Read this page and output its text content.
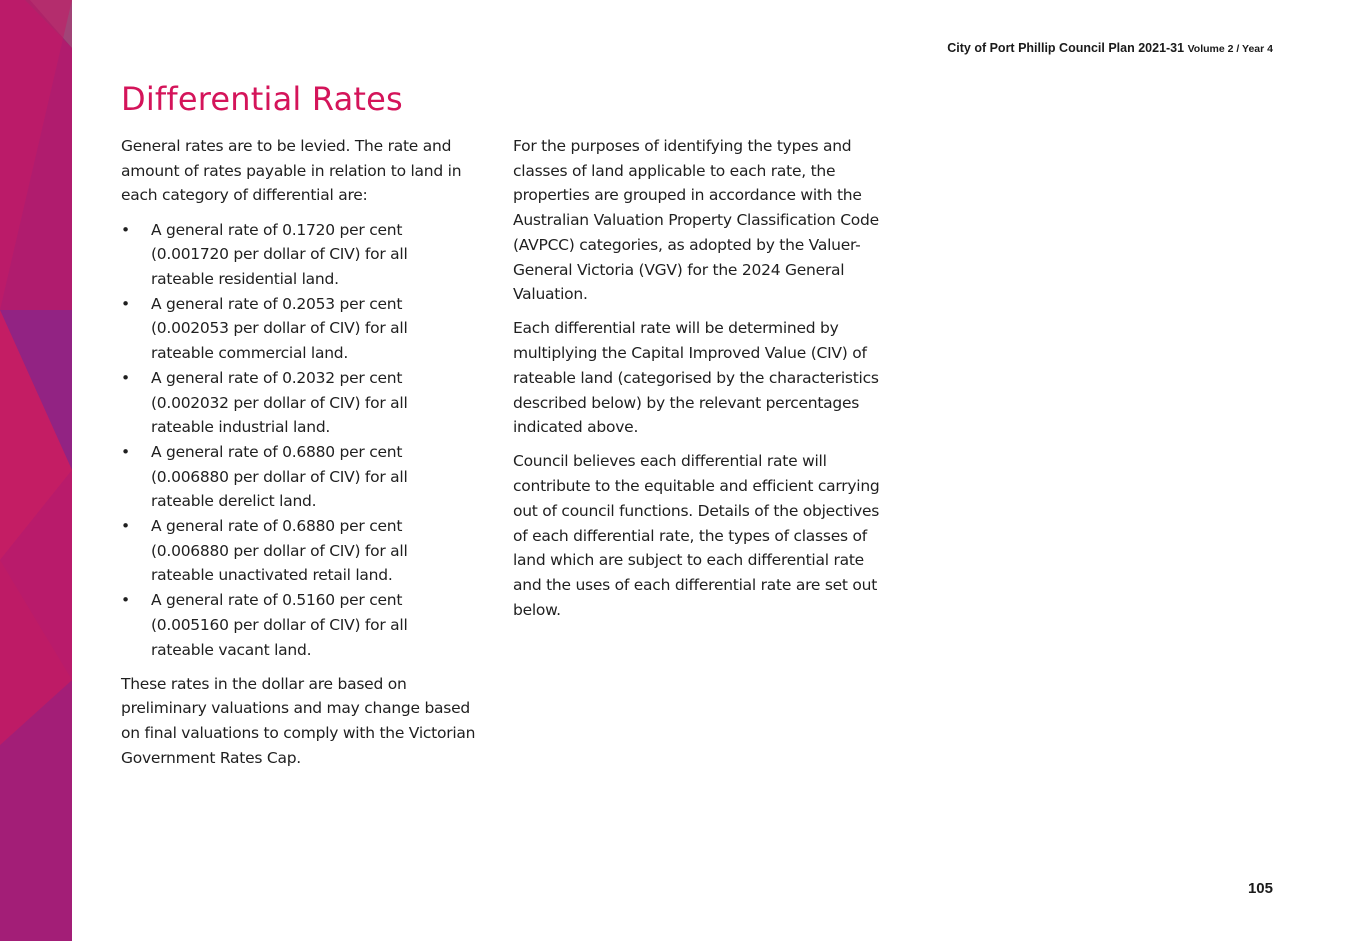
City of Port Phillip Council Plan 2021-31 Volume 2 / Year 4
Differential Rates

General rates are to be levied. The rate and amount of rates payable in relation to land in each category of differential are:

• A general rate of 0.1720 per cent (0.001720 per dollar of CIV) for all rateable residential land.
• A general rate of 0.2053 per cent (0.002053 per dollar of CIV) for all rateable commercial land.
• A general rate of 0.2032 per cent (0.002032 per dollar of CIV) for all rateable industrial land.
• A general rate of 0.6880 per cent (0.006880 per dollar of CIV) for all rateable derelict land.
• A general rate of 0.6880 per cent (0.006880 per dollar of CIV) for all rateable unactivated retail land.
• A general rate of 0.5160 per cent (0.005160 per dollar of CIV) for all rateable vacant land.

These rates in the dollar are based on preliminary valuations and may change based on final valuations to comply with the Victorian Government Rates Cap.

For the purposes of identifying the types and classes of land applicable to each rate, the properties are grouped in accordance with the Australian Valuation Property Classification Code (AVPCC) categories, as adopted by the Valuer-General Victoria (VGV) for the 2024 General Valuation.

Each differential rate will be determined by multiplying the Capital Improved Value (CIV) of rateable land (categorised by the characteristics described below) by the relevant percentages indicated above.

Council believes each differential rate will contribute to the equitable and efficient carrying out of council functions. Details of the objectives of each differential rate, the types of classes of land which are subject to each differential rate and the uses of each differential rate are set out below.

105
